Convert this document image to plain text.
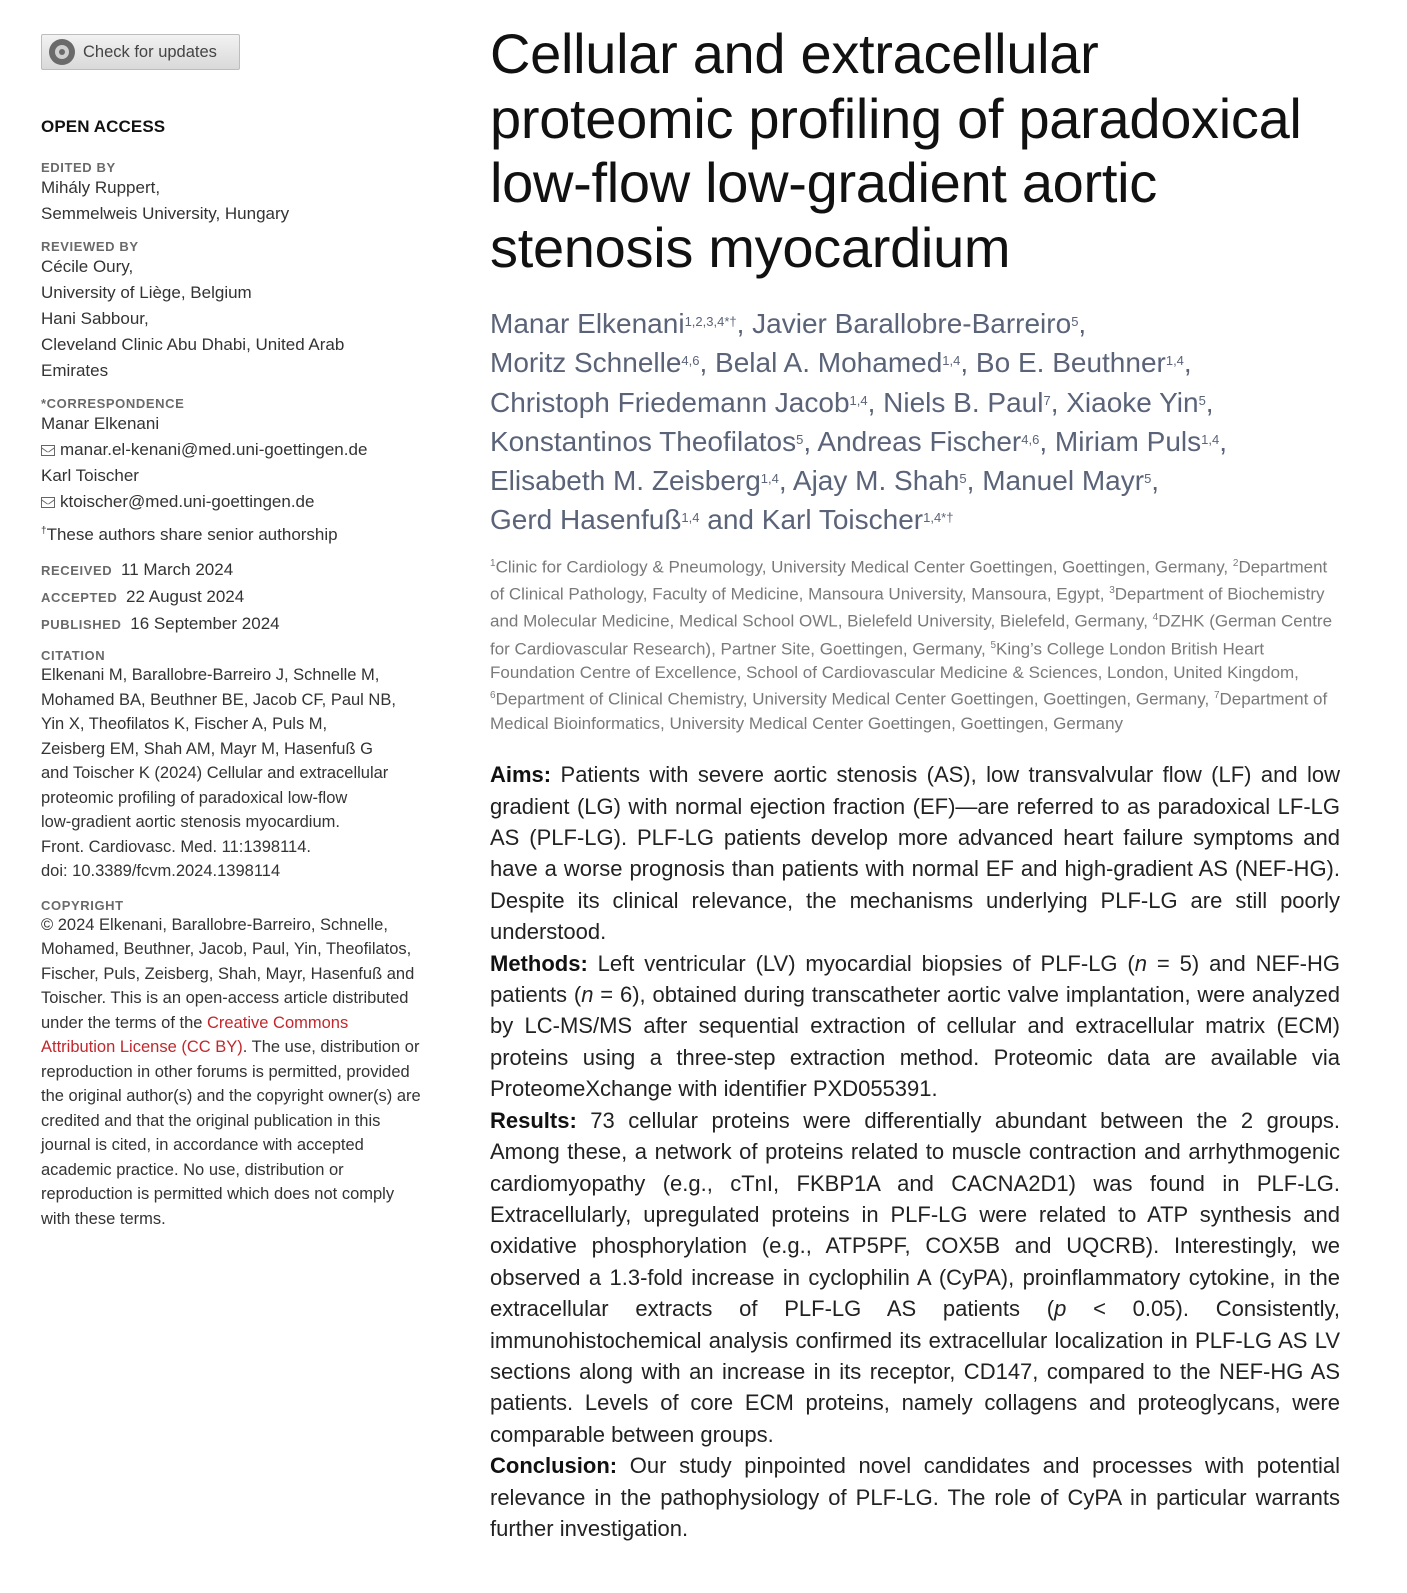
Check for updates
OPEN ACCESS
EDITED BY
Mihály Ruppert,
Semmelweis University, Hungary
REVIEWED BY
Cécile Oury,
University of Liège, Belgium
Hani Sabbour,
Cleveland Clinic Abu Dhabi, United Arab
Emirates
*CORRESPONDENCE
Manar Elkenani
manar.el-kenani@med.uni-goettingen.de
Karl Toischer
ktoischer@med.uni-goettingen.de
†These authors share senior authorship
RECEIVED 11 March 2024
ACCEPTED 22 August 2024
PUBLISHED 16 September 2024
CITATION
Elkenani M, Barallobre-Barreiro J, Schnelle M,
Mohamed BA, Beuthner BE, Jacob CF, Paul NB,
Yin X, Theofilatos K, Fischer A, Puls M,
Zeisberg EM, Shah AM, Mayr M, Hasenfuß G
and Toischer K (2024) Cellular and extracellular
proteomic profiling of paradoxical low-flow
low-gradient aortic stenosis myocardium.
Front. Cardiovasc. Med. 11:1398114.
doi: 10.3389/fcvm.2024.1398114
COPYRIGHT
© 2024 Elkenani, Barallobre-Barreiro, Schnelle, Mohamed, Beuthner, Jacob, Paul, Yin, Theofilatos, Fischer, Puls, Zeisberg, Shah, Mayr, Hasenfuß and Toischer. This is an open-access article distributed under the terms of the Creative Commons Attribution License (CC BY). The use, distribution or reproduction in other forums is permitted, provided the original author(s) and the copyright owner(s) are credited and that the original publication in this journal is cited, in accordance with accepted academic practice. No use, distribution or reproduction is permitted which does not comply with these terms.
Cellular and extracellular
proteomic profiling of paradoxical
low-flow low-gradient aortic
stenosis myocardium
Manar Elkenani$^{1,2,3,4*\dagger}$, Javier Barallobre-Barreiro$^5$,
Moritz Schnelle$^{4,6}$, Belal A. Mohamed$^{1,4}$, Bo E. Beuthner$^{1,4}$,
Christoph Friedemann Jacob$^{1,4}$, Niels B. Paul$^7$, Xiaoke Yin$^5$,
Konstantinos Theofilatos$^5$, Andreas Fischer$^{4,6}$, Miriam Puls$^{1,4}$,
Elisabeth M. Zeisberg$^{1,4}$, Ajay M. Shah$^5$, Manuel Mayr$^5$,
Gerd Hasenfuß$^{1,4}$ and Karl Toischer$^{1,4*\dagger}$
$^1$Clinic for Cardiology & Pneumology, University Medical Center Goettingen, Goettingen, Germany, $^2$Department of Clinical Pathology, Faculty of Medicine, Mansoura University, Mansoura, Egypt, $^3$Department of Biochemistry and Molecular Medicine, Medical School OWL, Bielefeld University, Bielefeld, Germany, $^4$DZHK (German Centre for Cardiovascular Research), Partner Site, Goettingen, Germany, $^5$King’s College London British Heart Foundation Centre of Excellence, School of Cardiovascular Medicine & Sciences, London, United Kingdom, $^6$Department of Clinical Chemistry, University Medical Center Goettingen, Goettingen, Germany, $^7$Department of Medical Bioinformatics, University Medical Center Goettingen, Goettingen, Germany

Aims: Patients with severe aortic stenosis (AS), low transvalvular flow (LF) and low gradient (LG) with normal ejection fraction (EF)—are referred to as paradoxical LF-LG AS (PLF-LG). PLF-LG patients develop more advanced heart failure symptoms and have a worse prognosis than patients with normal EF and high-gradient AS (NEF-HG). Despite its clinical relevance, the mechanisms underlying PLF-LG are still poorly understood.

Methods: Left ventricular (LV) myocardial biopsies of PLF-LG (n = 5) and NEF-HG patients (n = 6), obtained during transcatheter aortic valve implantation, were analyzed by LC-MS/MS after sequential extraction of cellular and extracellular matrix (ECM) proteins using a three-step extraction method. Proteomic data are available via ProteomeXchange with identifier PXD055391.

Results: 73 cellular proteins were differentially abundant between the 2 groups. Among these, a network of proteins related to muscle contraction and arrhythmogenic cardiomyopathy (e.g., cTnI, FKBP1A and CACNA2D1) was found in PLF-LG. Extracellularly, upregulated proteins in PLF-LG were related to ATP synthesis and oxidative phosphorylation (e.g., ATP5PF, COX5B and UQCRB). Interestingly, we observed a 1.3-fold increase in cyclophilin A (CyPA), proinflammatory cytokine, in the extracellular extracts of PLF-LG AS patients (p < 0.05). Consistently, immunohistochemical analysis confirmed its extracellular localization in PLF-LG AS LV sections along with an increase in its receptor, CD147, compared to the NEF-HG AS patients. Levels of core ECM proteins, namely collagens and proteoglycans, were comparable between groups.

Conclusion: Our study pinpointed novel candidates and processes with potential relevance in the pathophysiology of PLF-LG. The role of CyPA in particular warrants further investigation.
